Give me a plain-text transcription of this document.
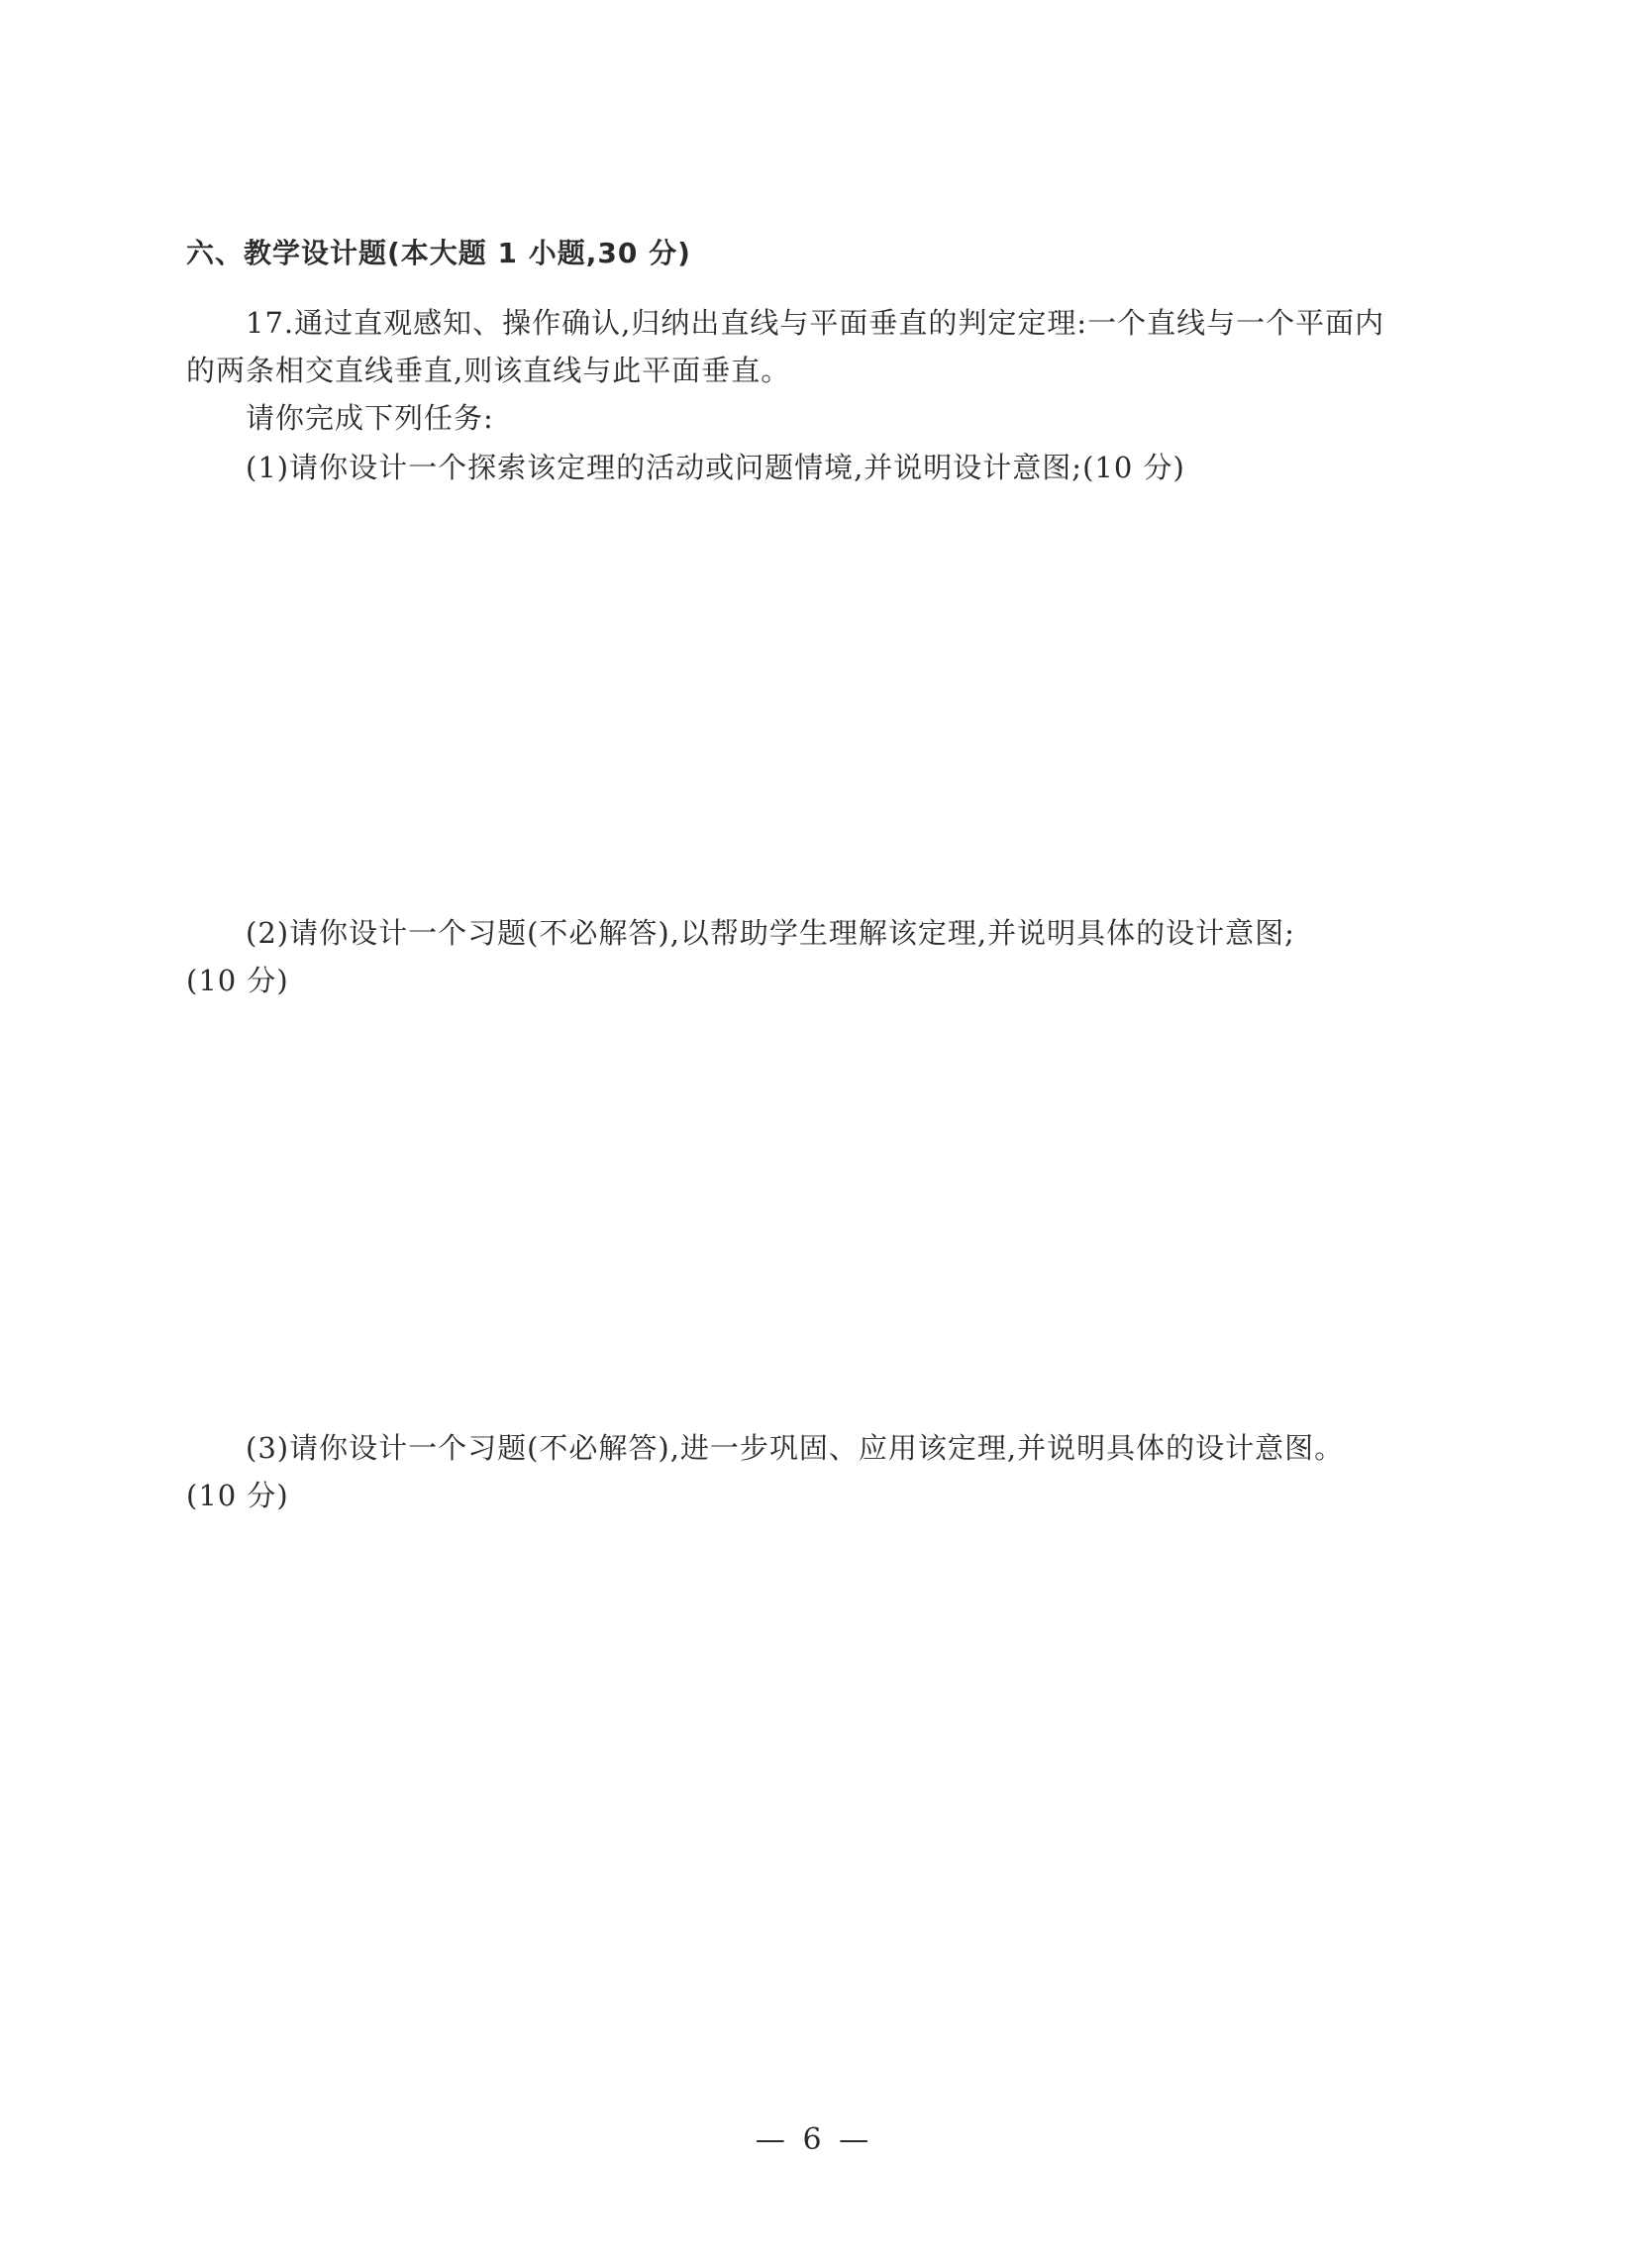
六、教学设计题(本大题 1 小题,30 分)

17.通过直观感知、操作确认,归纳出直线与平面垂直的判定定理:一个直线与一个平面内

的两条相交直线垂直,则该直线与此平面垂直。

请你完成下列任务:

(1)请你设计一个探索该定理的活动或问题情境,并说明设计意图;(10 分)

(2)请你设计一个习题(不必解答),以帮助学生理解该定理,并说明具体的设计意图;

(10 分)

(3)请你设计一个习题(不必解答),进一步巩固、应用该定理,并说明具体的设计意图。

(10 分)

— 6 —
